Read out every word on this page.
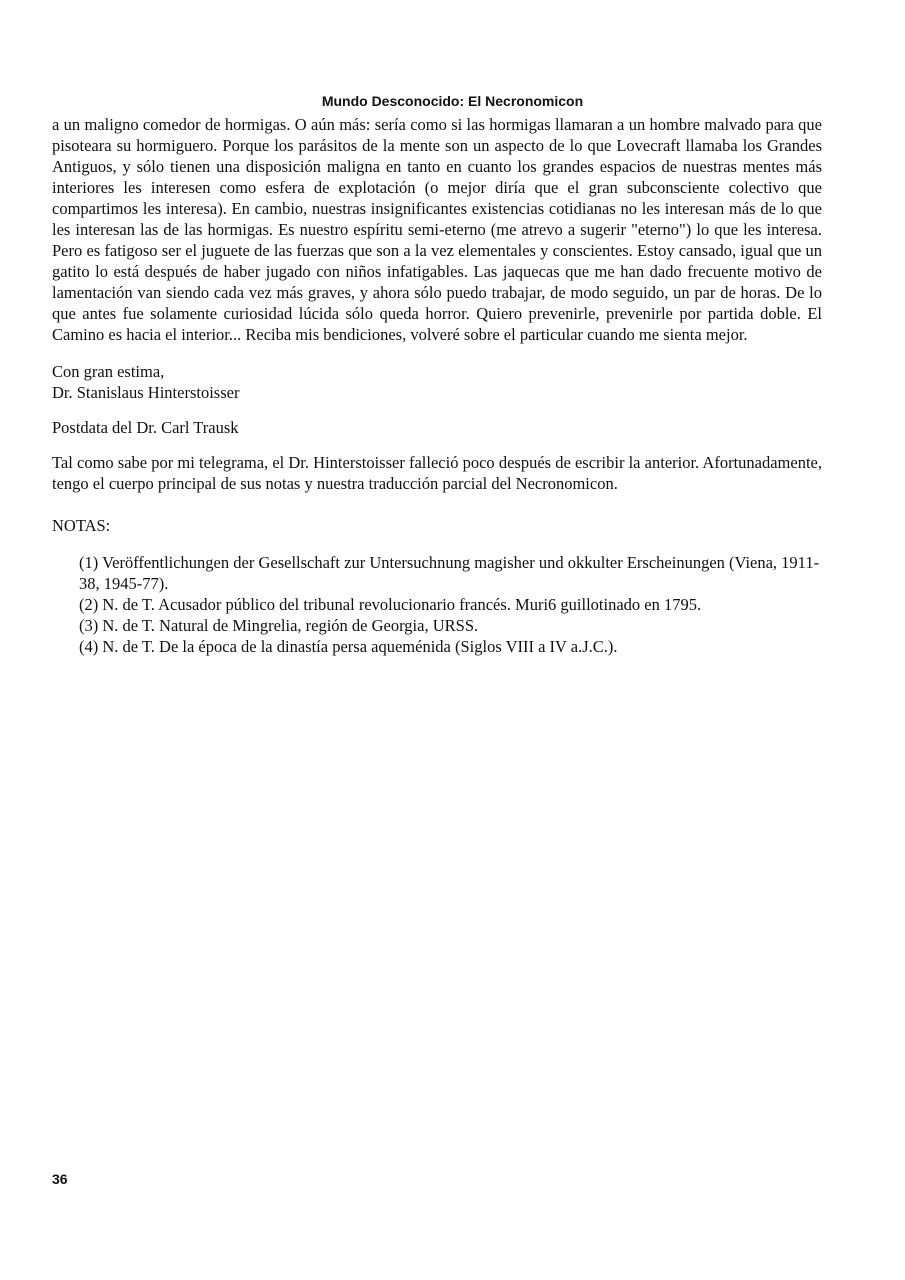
Mundo Desconocido: El Necronomicon

a un maligno comedor de hormigas. O aún más: sería como si las hormigas llamaran a un hombre malvado para que pisoteara su hormiguero. Porque los parásitos de la mente son un aspecto de lo que Lovecraft llamaba los Grandes Antiguos, y sólo tienen una disposición maligna en tanto en cuanto los grandes espacios de nuestras mentes más interiores les interesen como esfera de explotación (o mejor diría que el gran subconsciente colectivo que compartimos les interesa). En cambio, nuestras insignificantes existencias cotidianas no les interesan más de lo que les interesan las de las hormigas. Es nuestro espíritu semi-eterno (me atrevo a sugerir "eterno") lo que les interesa. Pero es fatigoso ser el juguete de las fuerzas que son a la vez elementales y conscientes. Estoy cansado, igual que un gatito lo está después de haber jugado con niños infatigables. Las jaquecas que me han dado frecuente motivo de lamentación van siendo cada vez más graves, y ahora sólo puedo trabajar, de modo seguido, un par de horas. De lo que antes fue solamente curiosidad lúcida sólo queda horror. Quiero prevenirle, prevenirle por partida doble. El Camino es hacia el interior... Reciba mis bendiciones, volveré sobre el particular cuando me sienta mejor.

Con gran estima,

Dr. Stanislaus Hinterstoisser

Postdata del Dr. Carl Trausk

Tal como sabe por mi telegrama, el Dr. Hinterstoisser falleció poco después de escribir la anterior. Afortunadamente, tengo el cuerpo principal de sus notas y nuestra traducción parcial del Necronomicon.

NOTAS:

(1) Veröffentlichungen der Gesellschaft zur Untersuchnung magisher und okkulter Erscheinungen (Viena, 1911-38, 1945-77).
(2) N. de T. Acusador público del tribunal revolucionario francés. Muri6 guillotinado en 1795.
(3) N. de T. Natural de Mingrelia, región de Georgia, URSS.
(4) N. de T. De la época de la dinastía persa aqueménida (Siglos VIII a IV a.J.C.).
36
